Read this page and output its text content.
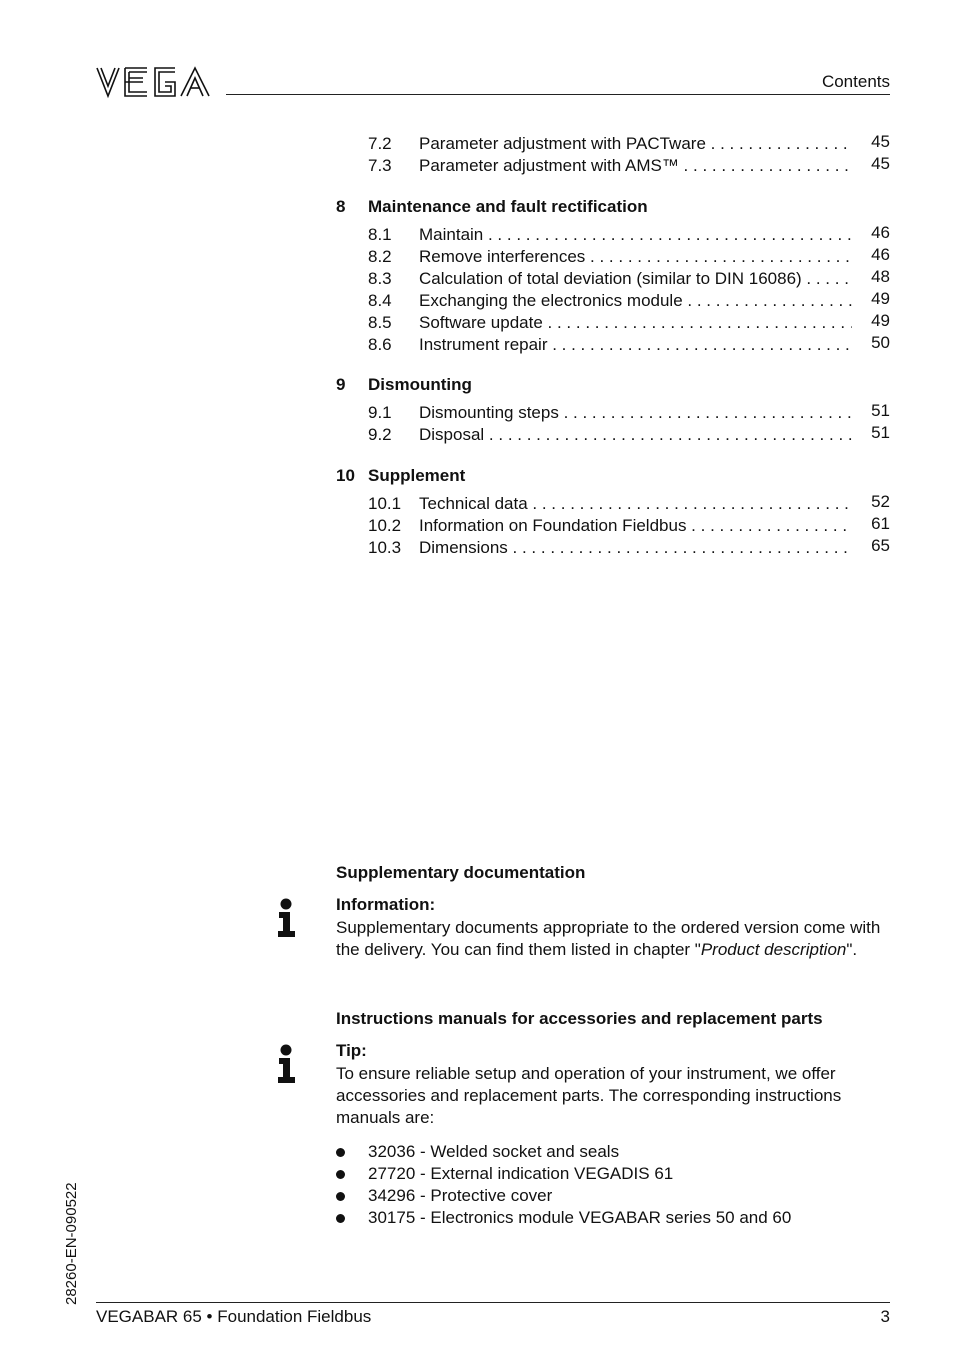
Contents
7.2 Parameter adjustment with PACTware . . .	45
7.3 Parameter adjustment with AMS™ . . .	45
8 Maintenance and fault rectification
8.1 Maintain . . .	46
8.2 Remove interferences . . .	46
8.3 Calculation of total deviation (similar to DIN 16086) . . .	48
8.4 Exchanging the electronics module . . .	49
8.5 Software update . . .	49
8.6 Instrument repair . . .	50
9 Dismounting
9.1 Dismounting steps . . .	51
9.2 Disposal . . .	51
10 Supplement
10.1 Technical data . . .	52
10.2 Information on Foundation Fieldbus . . .	61
10.3 Dimensions . . .	65
Supplementary documentation
Information:
Supplementary documents appropriate to the ordered version come with the delivery. You can find them listed in chapter "Product description".
Instructions manuals for accessories and replacement parts
Tip:
To ensure reliable setup and operation of your instrument, we offer accessories and replacement parts. The corresponding instructions manuals are:
32036 - Welded socket and seals
27720 - External indication VEGADIS 61
34296 - Protective cover
30175 - Electronics module VEGABAR series 50 and 60
28260-EN-090522
VEGABAR 65 • Foundation Fieldbus	3
